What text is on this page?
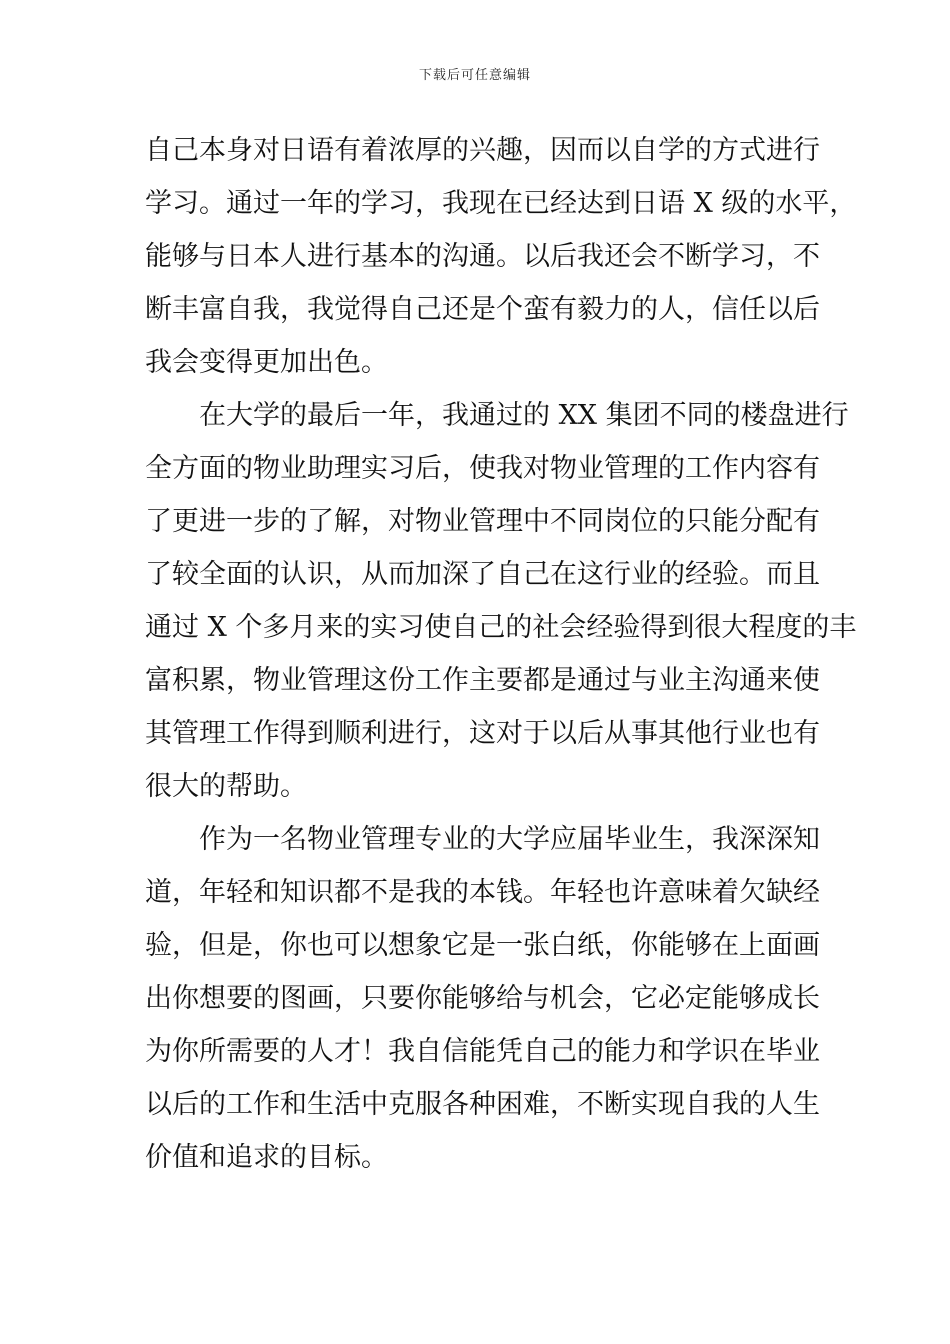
下载后可任意编辑
自己本身对日语有着浓厚的兴趣，因而以自学的方式进行
学习。通过一年的学习，我现在已经达到日语 X 级的水平，
能够与日本人进行基本的沟通。以后我还会不断学习，不
断丰富自我，我觉得自己还是个蛮有毅力的人，信任以后
我会变得更加出色。
在大学的最后一年，我通过的 XX 集团不同的楼盘进行
全方面的物业助理实习后，使我对物业管理的工作内容有
了更进一步的了解，对物业管理中不同岗位的只能分配有
了较全面的认识，从而加深了自己在这行业的经验。而且
通过 X 个多月来的实习使自己的社会经验得到很大程度的丰
富积累，物业管理这份工作主要都是通过与业主沟通来使
其管理工作得到顺利进行，这对于以后从事其他行业也有
很大的帮助。
作为一名物业管理专业的大学应届毕业生，我深深知
道，年轻和知识都不是我的本钱。年轻也许意味着欠缺经
验，但是，你也可以想象它是一张白纸，你能够在上面画
出你想要的图画，只要你能够给与机会，它必定能够成长
为你所需要的人才！我自信能凭自己的能力和学识在毕业
以后的工作和生活中克服各种困难，不断实现自我的人生
价值和追求的目标。
